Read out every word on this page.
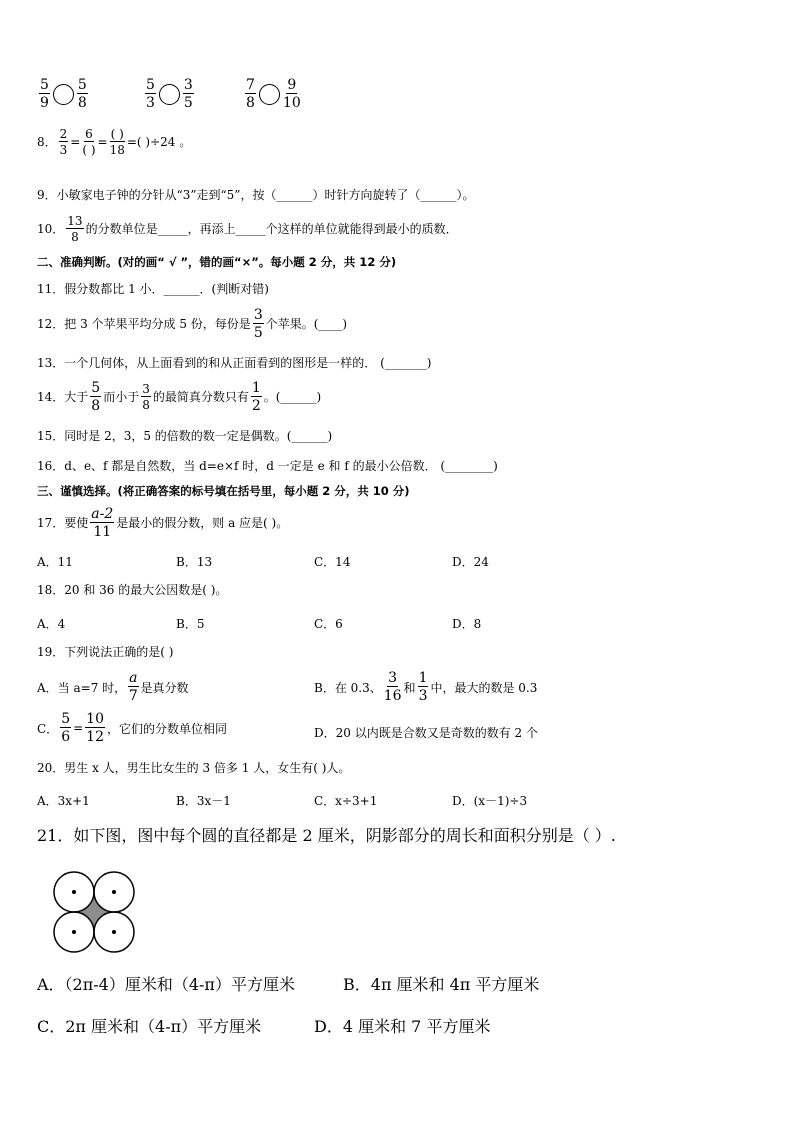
$\frac{5}{9} \frac{5}{8}$	$\frac{5}{3} \frac{3}{5}$	$\frac{7}{8} \frac{9}{10}$
8． $\frac{2}{3} = \frac{6}{( )} = \frac{( )}{18}$ =( )÷24 。
9．小敏家电子钟的分针从“3”走到“5”，按（______）时针方向旋转了（______）。
10． $\frac{13}{8}$ 的分数单位是_____，再添上_____个这样的单位就能得到最小的质数．
二、准确判断。(对的画“ √ ”，错的画“×”。每小题 2 分，共 12 分)
11．假分数都比 1 小．______．(判断对错)
12．把 3 个苹果平均分成 5 份，每份是 $\frac{3}{5}$ 个苹果。(____)
13．一个几何体，从上面看到的和从正面看到的图形是一样的． (_______)
14．大于 $\frac{5}{8}$ 而小于 $\frac{3}{8}$ 的最简真分数只有 $\frac{1}{2}$ 。(______)
15．同时是 2，3，5 的倍数的数一定是偶数。(______)
16．d、e、f 都是自然数，当 d=e×f 时，d 一定是 e 和 f 的最小公倍数． (________)
三、谨慎选择。(将正确答案的标号填在括号里，每小题 2 分，共 10 分)
17．要使 $\frac{a-2}{11}$ 是最小的假分数，则 a 应是( )。
A．11	B．13	C．14	D．24
18．20 和 36 的最大公因数是( )。
A．4	B．5	C．6	D．8
19．下列说法正确的是( )
A．当 a=7 时， $\frac{a}{7}$ 是真分数	B．在 0.3、 $\frac{3}{16}$ 和 $\frac{1}{3}$ 中，最大的数是 0.3
C． $\frac{5}{6} = \frac{10}{12}$ ，它们的分数单位相同	D．20 以内既是合数又是奇数的数有 2 个
20．男生 x 人，男生比女生的 3 倍多 1 人，女生有( )人。
A．3x+1	B．3x－1	C．x÷3+1	D．(x－1)÷3
21．如下图，图中每个圆的直径都是 2 厘米，阴影部分的周长和面积分别是（ ）.
A．（2π-4）厘米和（4-π）平方厘米	B．4π 厘米和 4π 平方厘米
C．2π 厘米和（4-π）平方厘米	D．4 厘米和 7 平方厘米
